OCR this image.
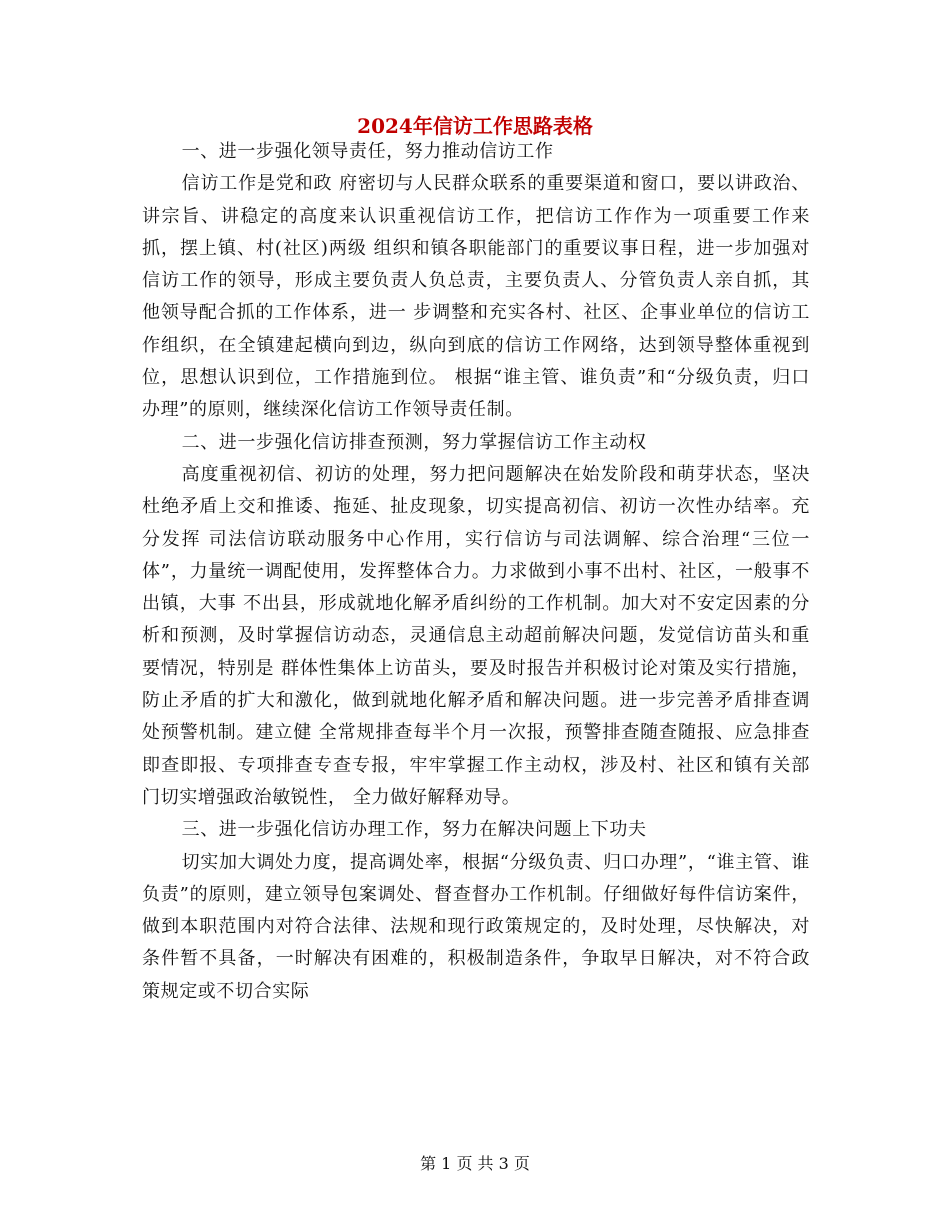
2024年信访工作思路表格

一、进一步强化领导责任，努力推动信访工作

信访工作是党和政 府密切与人民群众联系的重要渠道和窗口，要以讲政治、讲宗旨、讲稳定的高度来认识重视信访工作，把信访工作作为一项重要工作来抓，摆上镇、村(社区)两级 组织和镇各职能部门的重要议事日程，进一步加强对信访工作的领导，形成主要负责人负总责，主要负责人、分管负责人亲自抓，其他领导配合抓的工作体系，进一 步调整和充实各村、社区、企事业单位的信访工作组织，在全镇建起横向到边，纵向到底的信访工作网络，达到领导整体重视到位，思想认识到位，工作措施到位。 根据“谁主管、谁负责”和“分级负责，归口办理”的原则，继续深化信访工作领导责任制。

二、进一步强化信访排查预测，努力掌握信访工作主动权

高度重视初信、初访的处理，努力把问题解决在始发阶段和萌芽状态，坚决杜绝矛盾上交和推诿、拖延、扯皮现象，切实提高初信、初访一次性办结率。充分发挥 司法信访联动服务中心作用，实行信访与司法调解、综合治理“三位一体”，力量统一调配使用，发挥整体合力。力求做到小事不出村、社区，一般事不出镇，大事 不出县，形成就地化解矛盾纠纷的工作机制。加大对不安定因素的分析和预测，及时掌握信访动态，灵通信息主动超前解决问题，发觉信访苗头和重要情况，特别是 群体性集体上访苗头，要及时报告并积极讨论对策及实行措施，防止矛盾的扩大和激化，做到就地化解矛盾和解决问题。进一步完善矛盾排查调处预警机制。建立健 全常规排查每半个月一次报，预警排查随查随报、应急排查即查即报、专项排查专查专报，牢牢掌握工作主动权，涉及村、社区和镇有关部门切实增强政治敏锐性， 全力做好解释劝导。

三、进一步强化信访办理工作，努力在解决问题上下功夫

切实加大调处力度，提高调处率，根据“分级负责、归口办理”，“谁主管、谁负责”的原则，建立领导包案调处、督查督办工作机制。仔细做好每件信访案件，做到本职范围内对符合法律、法规和现行政策规定的，及时处理，尽快解决，对条件暂不具备，一时解决有困难的，积极制造条件，争取早日解决，对不符合政策规定或不切合实际

第 1 页 共 3 页
